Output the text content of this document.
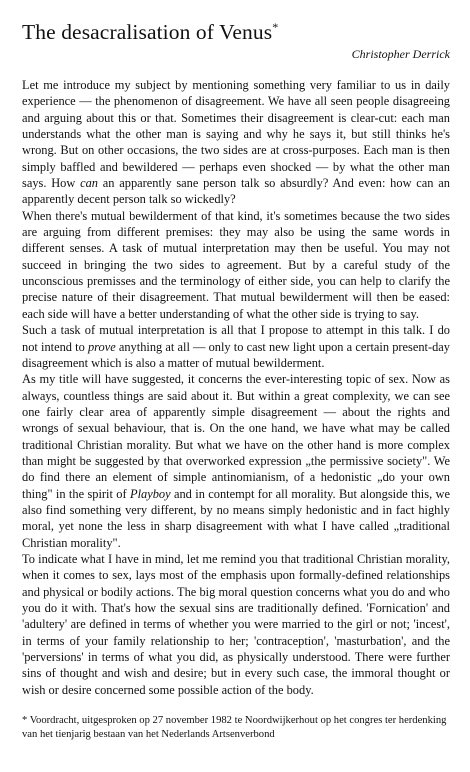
The desacralisation of Venus*
Christopher Derrick

Let me introduce my subject by mentioning something very familiar to us in daily experience — the phenomenon of disagreement. We have all seen people disagreeing and arguing about this or that. Sometimes their disagreement is clear-cut: each man understands what the other man is saying and why he says it, but still thinks he's wrong. But on other occasions, the two sides are at cross-purposes. Each man is then simply baffled and bewildered — perhaps even shocked — by what the other man says. How can an apparently sane person talk so absurdly? And even: how can an apparently decent person talk so wickedly?

When there's mutual bewilderment of that kind, it's sometimes because the two sides are arguing from different premises: they may also be using the same words in different senses. A task of mutual interpretation may then be useful. You may not succeed in bringing the two sides to agreement. But by a careful study of the unconscious premisses and the terminology of either side, you can help to clarify the precise nature of their disagreement. That mutual bewilderment will then be eased: each side will have a better understanding of what the other side is trying to say.

Such a task of mutual interpretation is all that I propose to attempt in this talk. I do not intend to prove anything at all — only to cast new light upon a certain present-day disagreement which is also a matter of mutual bewilderment.

As my title will have suggested, it concerns the ever-interesting topic of sex. Now as always, countless things are said about it. But within a great complexity, we can see one fairly clear area of apparently simple disagreement — about the rights and wrongs of sexual behaviour, that is. On the one hand, we have what may be called traditional Christian morality. But what we have on the other hand is more complex than might be suggested by that overworked expression „the permissive society". We do find there an element of simple antinomianism, of a hedonistic „do your own thing" in the spirit of Playboy and in contempt for all morality. But alongside this, we also find something very different, by no means simply hedonistic and in fact highly moral, yet none the less in sharp disagreement with what I have called „traditional Christian morality".

To indicate what I have in mind, let me remind you that traditional Christian morality, when it comes to sex, lays most of the emphasis upon formally-defined relationships and physical or bodily actions. The big moral question concerns what you do and who you do it with. That's how the sexual sins are traditionally defined. 'Fornication' and 'adultery' are defined in terms of whether you were married to the girl or not; 'incest', in terms of your family relationship to her; 'contraception', 'masturbation', and the 'perversions' in terms of what you did, as physically understood. There were further sins of thought and wish and desire; but in every such case, the immoral thought or wish or desire concerned some possible action of the body.

* Voordracht, uitgesproken op 27 november 1982 te Noordwijkerhout op het congres ter herdenking van het tienjarig bestaan van het Nederlands Artsenverbond
